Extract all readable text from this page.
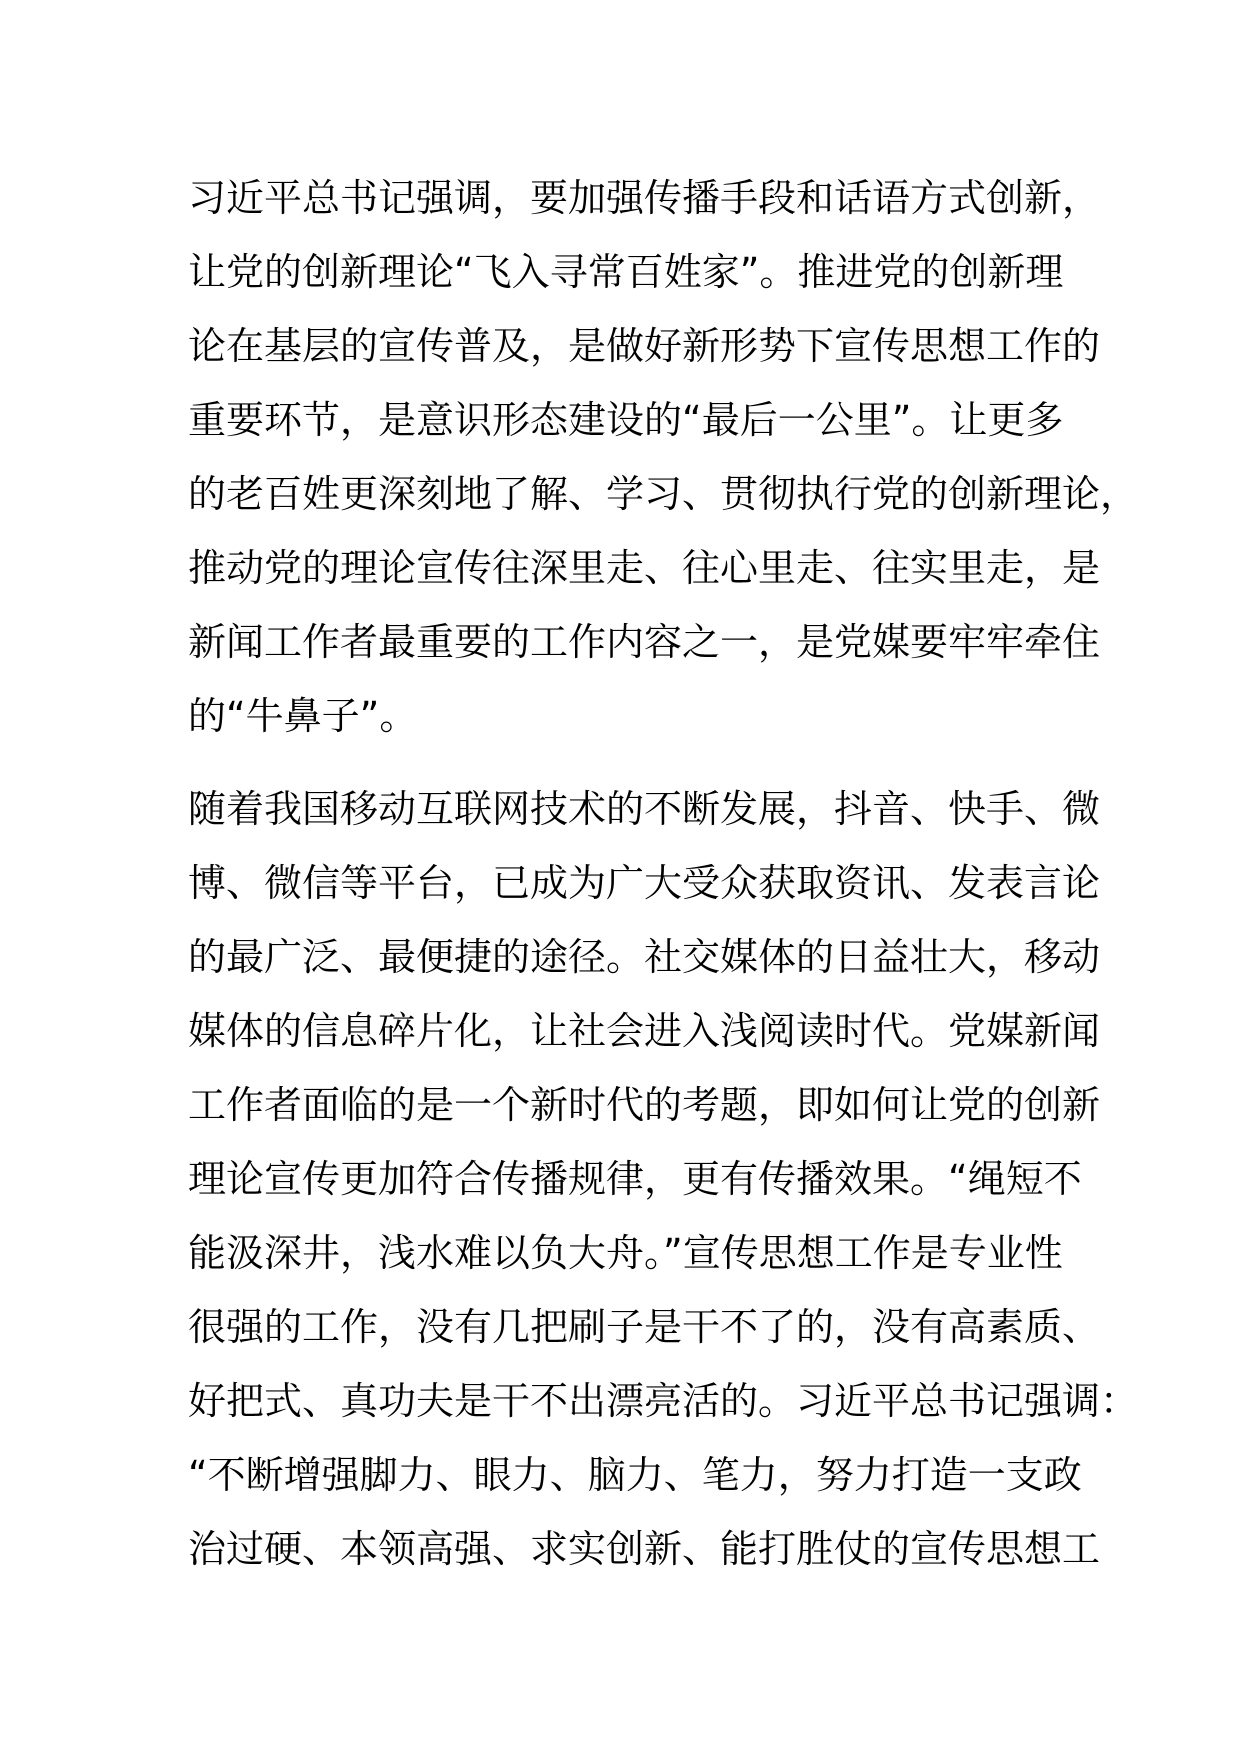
习近平总书记强调，要加强传播手段和话语方式创新，
让党的创新理论“飞入寻常百姓家”。推进党的创新理
论在基层的宣传普及，是做好新形势下宣传思想工作的
重要环节，是意识形态建设的“最后一公里”。让更多
的老百姓更深刻地了解、学习、贯彻执行党的创新理论，
推动党的理论宣传往深里走、往心里走、往实里走，是
新闻工作者最重要的工作内容之一，是党媒要牢牢牵住
的“牛鼻子”。
随着我国移动互联网技术的不断发展，抖音、快手、微
博、微信等平台，已成为广大受众获取资讯、发表言论
的最广泛、最便捷的途径。社交媒体的日益壮大，移动
媒体的信息碎片化，让社会进入浅阅读时代。党媒新闻
工作者面临的是一个新时代的考题，即如何让党的创新
理论宣传更加符合传播规律，更有传播效果。“绳短不
能汲深井，浅水难以负大舟。”宣传思想工作是专业性
很强的工作，没有几把刷子是干不了的，没有高素质、
好把式、真功夫是干不出漂亮活的。习近平总书记强调：
“不断增强脚力、眼力、脑力、笔力，努力打造一支政
治过硬、本领高强、求实创新、能打胜仗的宣传思想工
